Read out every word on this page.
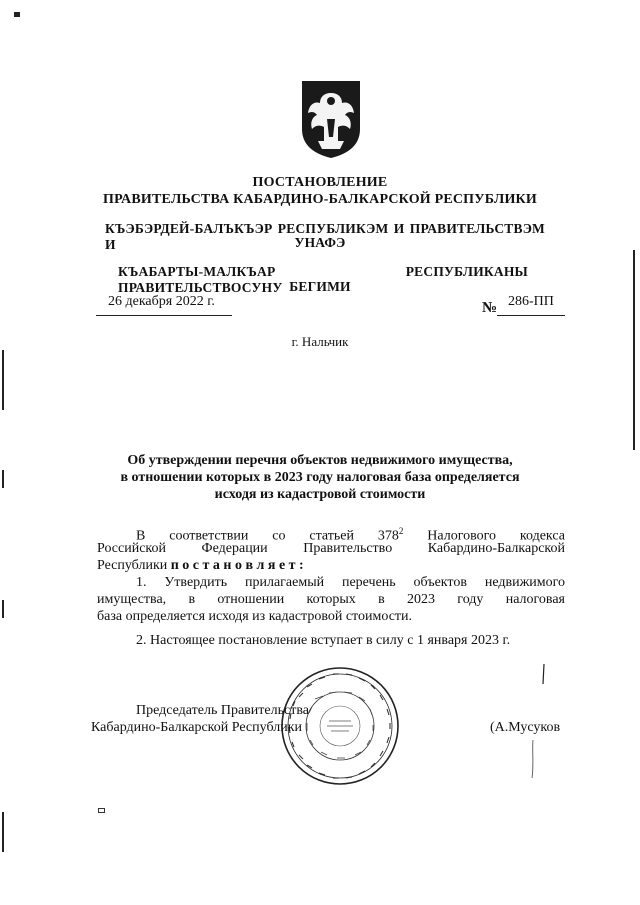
ПОСТАНОВЛЕНИЕ
ПРАВИТЕЛЬСТВА КАБАРДИНО-БАЛКАРСКОЙ РЕСПУБЛИКИ
КЪЭБЭРДЕЙ-БАЛЪКЪЭР РЕСПУБЛИКЭМ И ПРАВИТЕЛЬСТВЭМ И	УНАФЭ
КЪАБАРТЫ-МАЛКЪАР РЕСПУБЛИКАНЫ ПРАВИТЕЛЬСТВОСУНУ БЕГИМИ
26 декабря 2022 г.	№ 286-ПП
г. Нальчик
Об утверждении перечня объектов недвижимого имущества,
в отношении которых в 2023 году налоговая база определяется
исходя из кадастровой стоимости
В соответствии со статьей $378^2$ Налогового кодекса
Российской Федерации Правительство Кабардино-Балкарской
Республики п о с т а н о в л я е т :
1. Утвердить прилагаемый перечень объектов недвижимого
имущества, в отношении которых в 2023 году налоговая
база определяется исходя из кадастровой стоимости.
2. Настоящее постановление вступает в силу с 1 января 2023 г.
Председатель Правительства
Кабардино-Балкарской Республики	(А.Мусуков
